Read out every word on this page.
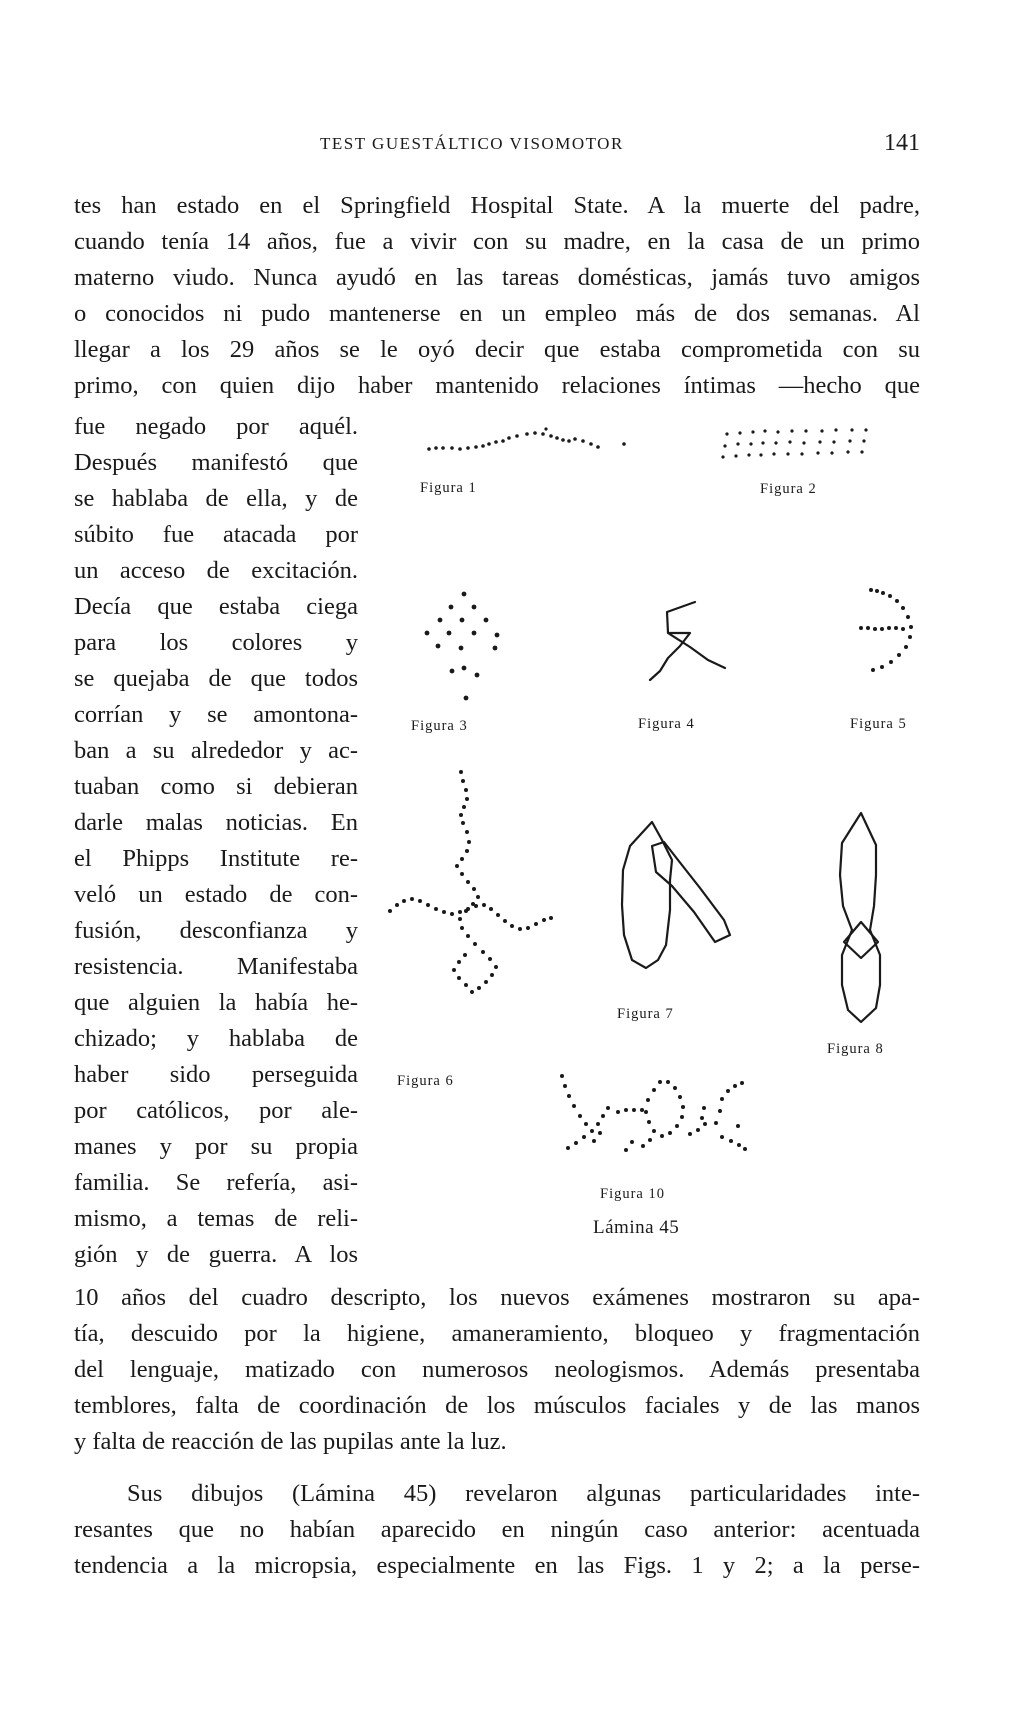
TEST GUESTÁLTICO VISOMOTOR	141
tes han estado en el Springfield Hospital State. A la muerte del padre,
cuando tenía 14 años, fue a vivir con su madre, en la casa de un primo
materno viudo. Nunca ayudó en las tareas domésticas, jamás tuvo amigos
o conocidos ni pudo mantenerse en un empleo más de dos semanas. Al
llegar a los 29 años se le oyó decir que estaba comprometida con su
primo, con quien dijo haber mantenido relaciones íntimas —hecho que
fue negado por aquél.
Después manifestó que
se hablaba de ella, y de
súbito fue atacada por
un acceso de excitación.
Decía que estaba ciega
para los colores y
se quejaba de que todos
corrían y se amontona-
ban a su alrededor y ac-
tuaban como si debieran
darle malas noticias. En
el Phipps Institute re-
veló un estado de con-
fusión, desconfianza y
resistencia. Manifestaba
que alguien la había he-
chizado; y hablaba de
haber sido perseguida
por católicos, por ale-
manes y por su propia
familia. Se refería, asi-
mismo, a temas de reli-
gión y de guerra. A los
10 años del cuadro descripto, los nuevos exámenes mostraron su apa-
tía, descuido por la higiene, amaneramiento, bloqueo y fragmentación
del lenguaje, matizado con numerosos neologismos. Además presentaba
temblores, falta de coordinación de los músculos faciales y de las manos
y falta de reacción de las pupilas ante la luz.
Sus dibujos (Lámina 45) revelaron algunas particularidades inte-
resantes que no habían aparecido en ningún caso anterior: acentuada
tendencia a la micropsia, especialmente en las Figs. 1 y 2; a la perse-
Figura 1	Figura 2
Figura 3	Figura 4	Figura 5
Figura 6
Figura 7
Figura 8
Figura 10
Lámina 45
